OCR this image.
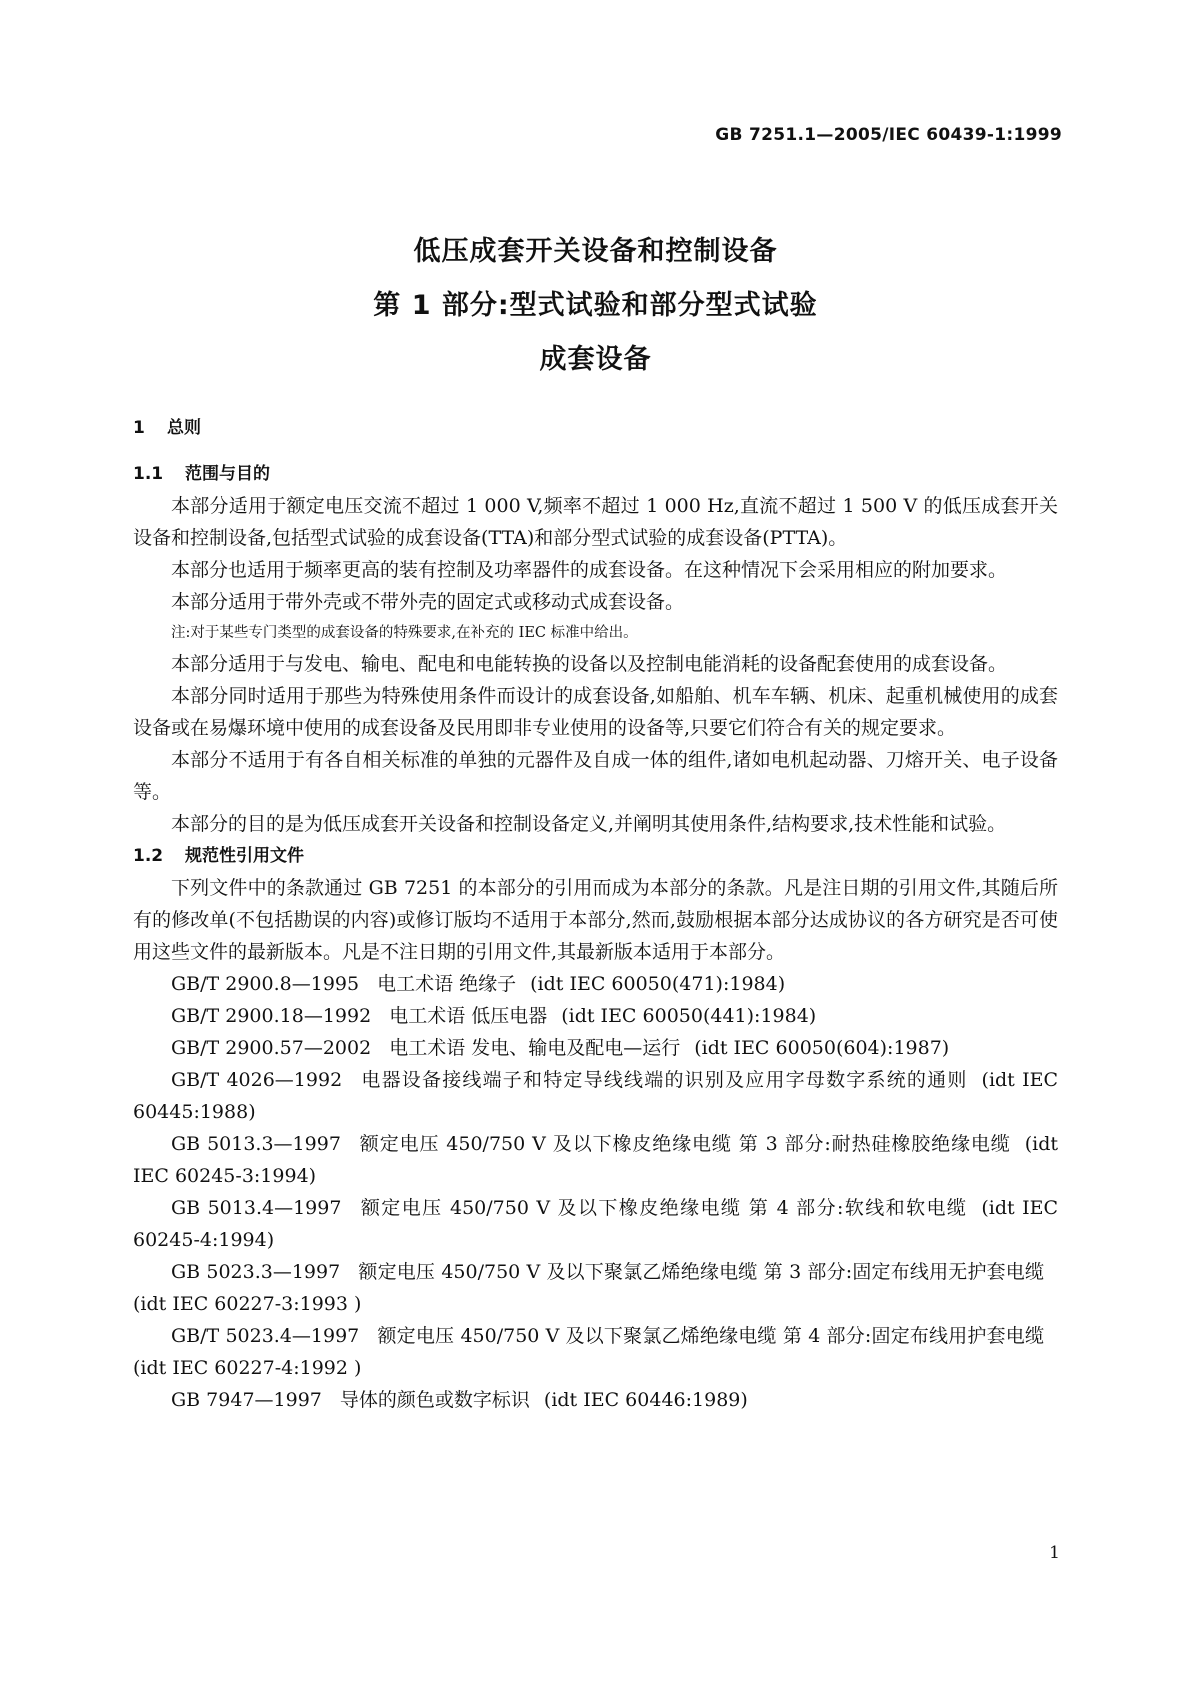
GB 7251.1—2005/IEC 60439-1:1999
低压成套开关设备和控制设备
第 1 部分:型式试验和部分型式试验
成套设备
1 总则
1.1 范围与目的

本部分适用于额定电压交流不超过 1 000 V,频率不超过 1 000 Hz,直流不超过 1 500 V 的低压成套开关设备和控制设备,包括型式试验的成套设备(TTA)和部分型式试验的成套设备(PTTA)。

本部分也适用于频率更高的装有控制及功率器件的成套设备。在这种情况下会采用相应的附加要求。

本部分适用于带外壳或不带外壳的固定式或移动式成套设备。

注:对于某些专门类型的成套设备的特殊要求,在补充的 IEC 标准中给出。

本部分适用于与发电、输电、配电和电能转换的设备以及控制电能消耗的设备配套使用的成套设备。

本部分同时适用于那些为特殊使用条件而设计的成套设备,如船舶、机车车辆、机床、起重机械使用的成套设备或在易爆环境中使用的成套设备及民用即非专业使用的设备等,只要它们符合有关的规定要求。

本部分不适用于有各自相关标准的单独的元器件及自成一体的组件,诸如电机起动器、刀熔开关、电子设备等。

本部分的目的是为低压成套开关设备和控制设备定义,并阐明其使用条件,结构要求,技术性能和试验。

1.2 规范性引用文件

下列文件中的条款通过 GB 7251 的本部分的引用而成为本部分的条款。凡是注日期的引用文件,其随后所有的修改单(不包括勘误的内容)或修订版均不适用于本部分,然而,鼓励根据本部分达成协议的各方研究是否可使用这些文件的最新版本。凡是不注日期的引用文件,其最新版本适用于本部分。

GB/T 2900.8—1995 电工术语 绝缘子 (idt IEC 60050(471):1984)

GB/T 2900.18—1992 电工术语 低压电器 (idt IEC 60050(441):1984)

GB/T 2900.57—2002 电工术语 发电、输电及配电—运行 (idt IEC 60050(604):1987)

GB/T 4026—1992 电器设备接线端子和特定导线线端的识别及应用字母数字系统的通则 (idt IEC 60445:1988)

GB 5013.3—1997 额定电压 450/750 V 及以下橡皮绝缘电缆 第 3 部分:耐热硅橡胶绝缘电缆 (idt IEC 60245-3:1994)

GB 5013.4—1997 额定电压 450/750 V 及以下橡皮绝缘电缆 第 4 部分:软线和软电缆 (idt IEC 60245-4:1994)

GB 5023.3—1997 额定电压 450/750 V 及以下聚氯乙烯绝缘电缆 第 3 部分:固定布线用无护套电缆(idt IEC 60227-3:1993 )

GB/T 5023.4—1997 额定电压 450/750 V 及以下聚氯乙烯绝缘电缆 第 4 部分:固定布线用护套电缆(idt IEC 60227-4:1992 )

GB 7947—1997 导体的颜色或数字标识 (idt IEC 60446:1989)

1
